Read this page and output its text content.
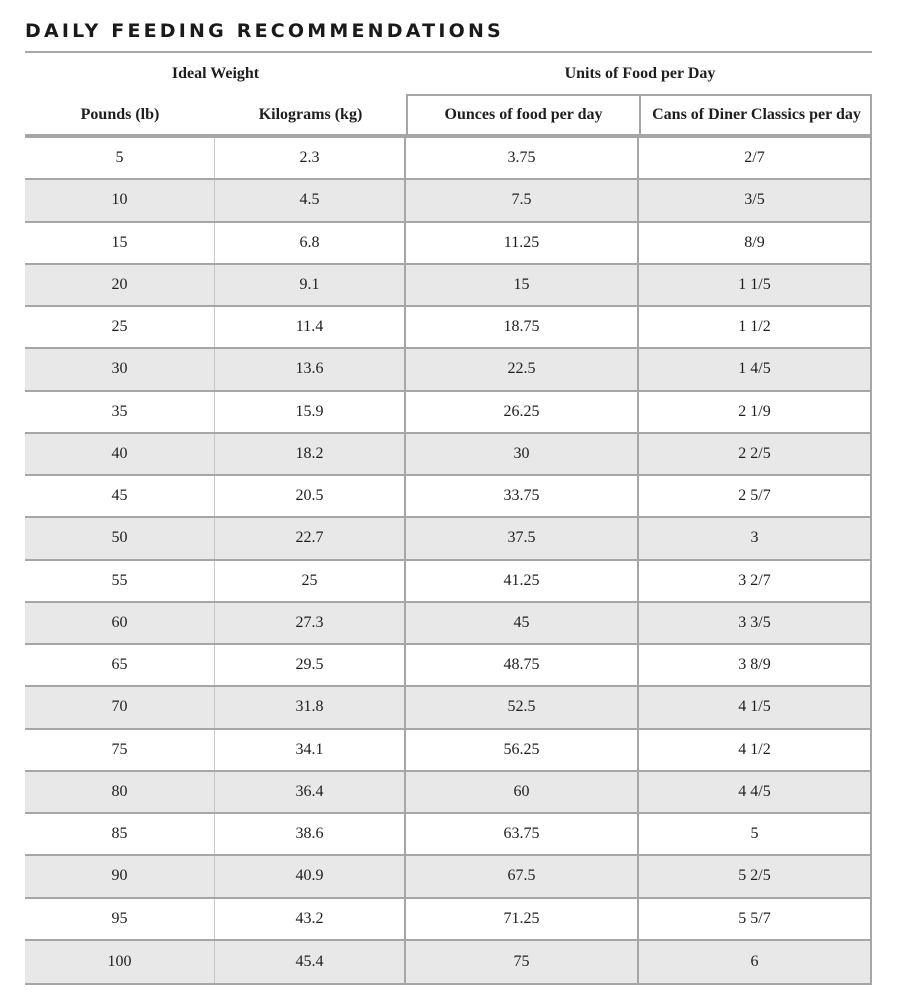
DAILY FEEDING RECOMMENDATIONS
Ideal Weight	Units of Food per Day
Pounds (lb)	Kilograms (kg)	Ounces of food per day	Cans of Diner Classics per day
5	2.3	3.75	2/7
10	4.5	7.5	3/5
15	6.8	11.25	8/9
20	9.1	15	1 1/5
25	11.4	18.75	1 1/2
30	13.6	22.5	1 4/5
35	15.9	26.25	2 1/9
40	18.2	30	2 2/5
45	20.5	33.75	2 5/7
50	22.7	37.5	3
55	25	41.25	3 2/7
60	27.3	45	3 3/5
65	29.5	48.75	3 8/9
70	31.8	52.5	4 1/5
75	34.1	56.25	4 1/2
80	36.4	60	4 4/5
85	38.6	63.75	5
90	40.9	67.5	5 2/5
95	43.2	71.25	5 5/7
100	45.4	75	6
